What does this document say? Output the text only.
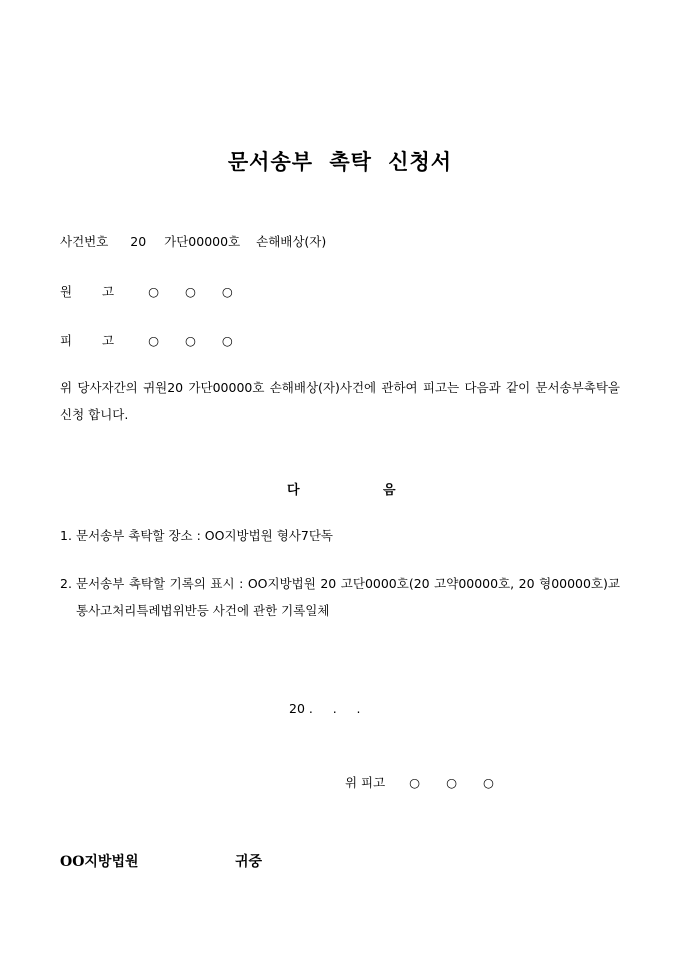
문서송부 촉탁 신청서
사건번호 20 가단00000호 손해배상(자)
원 고	○ ○ ○
피 고	○ ○ ○
위 당사자간의 귀원20 가단00000호 손해배상(자)사건에 관하여 피고는 다음과 같이 문서송부촉탁을 신청 합니다.
다	음
1. 문서송부 촉탁할 장소 : OO지방법원 형사7단독
2. 문서송부 촉탁할 기록의 표시 : OO지방법원 20 고단0000호(20 고약00000호, 20 형00000호)교통사고처리특례법위반등 사건에 관한 기록일체
20 .     .     .
위 피고 ○ ○ ○
OO지방법원	귀중
